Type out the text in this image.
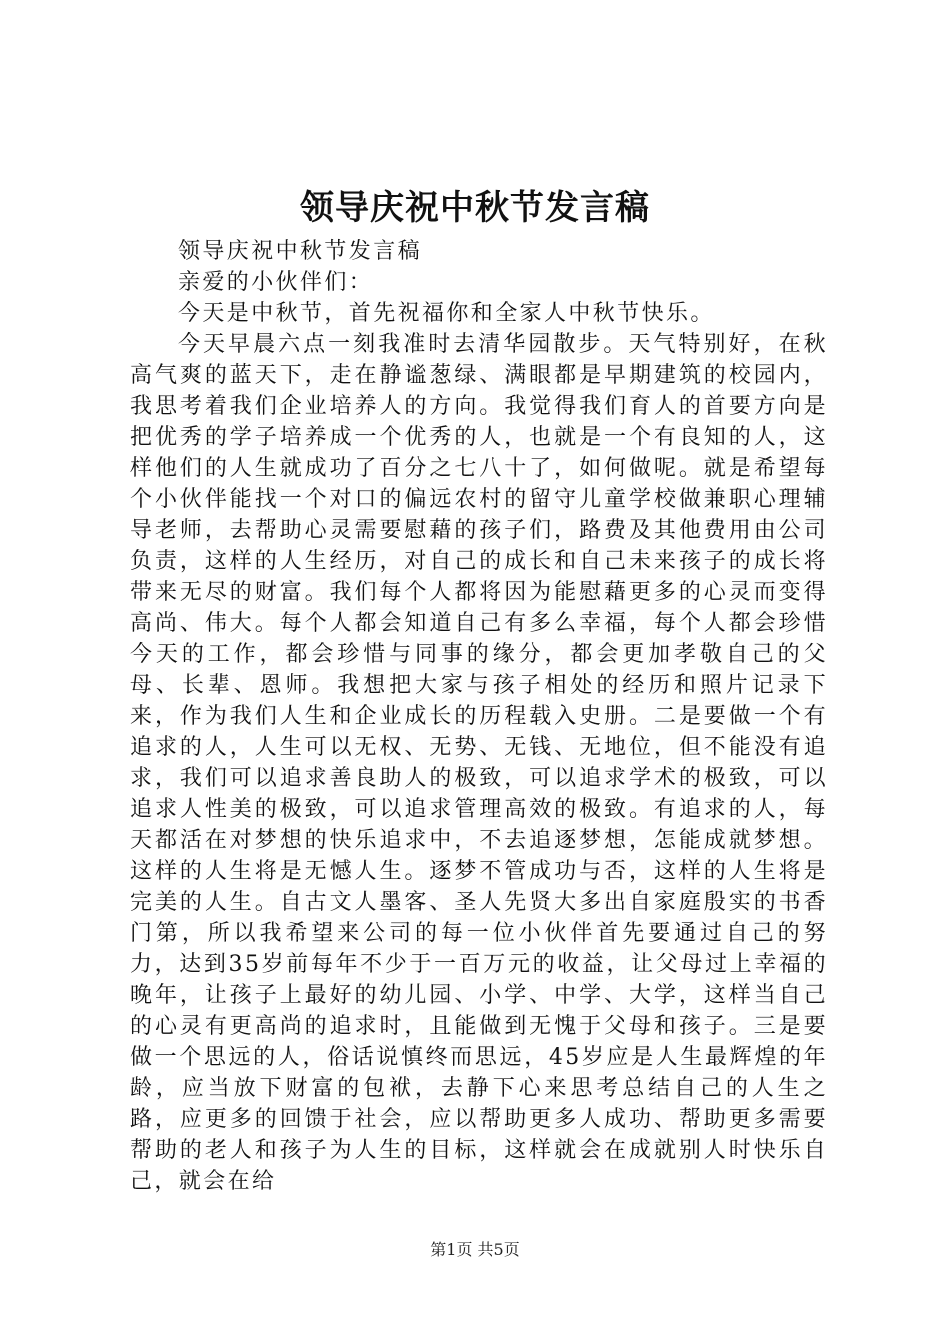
领导庆祝中秋节发言稿

领导庆祝中秋节发言稿

亲爱的小伙伴们：

今天是中秋节，首先祝福你和全家人中秋节快乐。

今天早晨六点一刻我准时去清华园散步。天气特别好，在秋高气爽的蓝天下，走在静谧葱绿、满眼都是早期建筑的校园内，我思考着我们企业培养人的方向。我觉得我们育人的首要方向是把优秀的学子培养成一个优秀的人，也就是一个有良知的人，这样他们的人生就成功了百分之七八十了，如何做呢。就是希望每个小伙伴能找一个对口的偏远农村的留守儿童学校做兼职心理辅导老师，去帮助心灵需要慰藉的孩子们，路费及其他费用由公司负责，这样的人生经历，对自己的成长和自己未来孩子的成长将带来无尽的财富。我们每个人都将因为能慰藉更多的心灵而变得高尚、伟大。每个人都会知道自己有多么幸福，每个人都会珍惜今天的工作，都会珍惜与同事的缘分，都会更加孝敬自己的父母、长辈、恩师。我想把大家与孩子相处的经历和照片记录下来，作为我们人生和企业成长的历程载入史册。二是要做一个有追求的人，人生可以无权、无势、无钱、无地位，但不能没有追求，我们可以追求善良助人的极致，可以追求学术的极致，可以追求人性美的极致，可以追求管理高效的极致。有追求的人，每天都活在对梦想的快乐追求中，不去追逐梦想，怎能成就梦想。这样的人生将是无憾人生。逐梦不管成功与否，这样的人生将是完美的人生。自古文人墨客、圣人先贤大多出自家庭殷实的书香门第，所以我希望来公司的每一位小伙伴首先要通过自己的努力，达到35岁前每年不少于一百万元的收益，让父母过上幸福的晚年，让孩子上最好的幼儿园、小学、中学、大学，这样当自己的心灵有更高尚的追求时，且能做到无愧于父母和孩子。三是要做一个思远的人，俗话说慎终而思远，45岁应是人生最辉煌的年龄，应当放下财富的包袱，去静下心来思考总结自己的人生之路，应更多的回馈于社会，应以帮助更多人成功、帮助更多需要帮助的老人和孩子为人生的目标，这样就会在成就别人时快乐自己，就会在给

第1页 共5页
